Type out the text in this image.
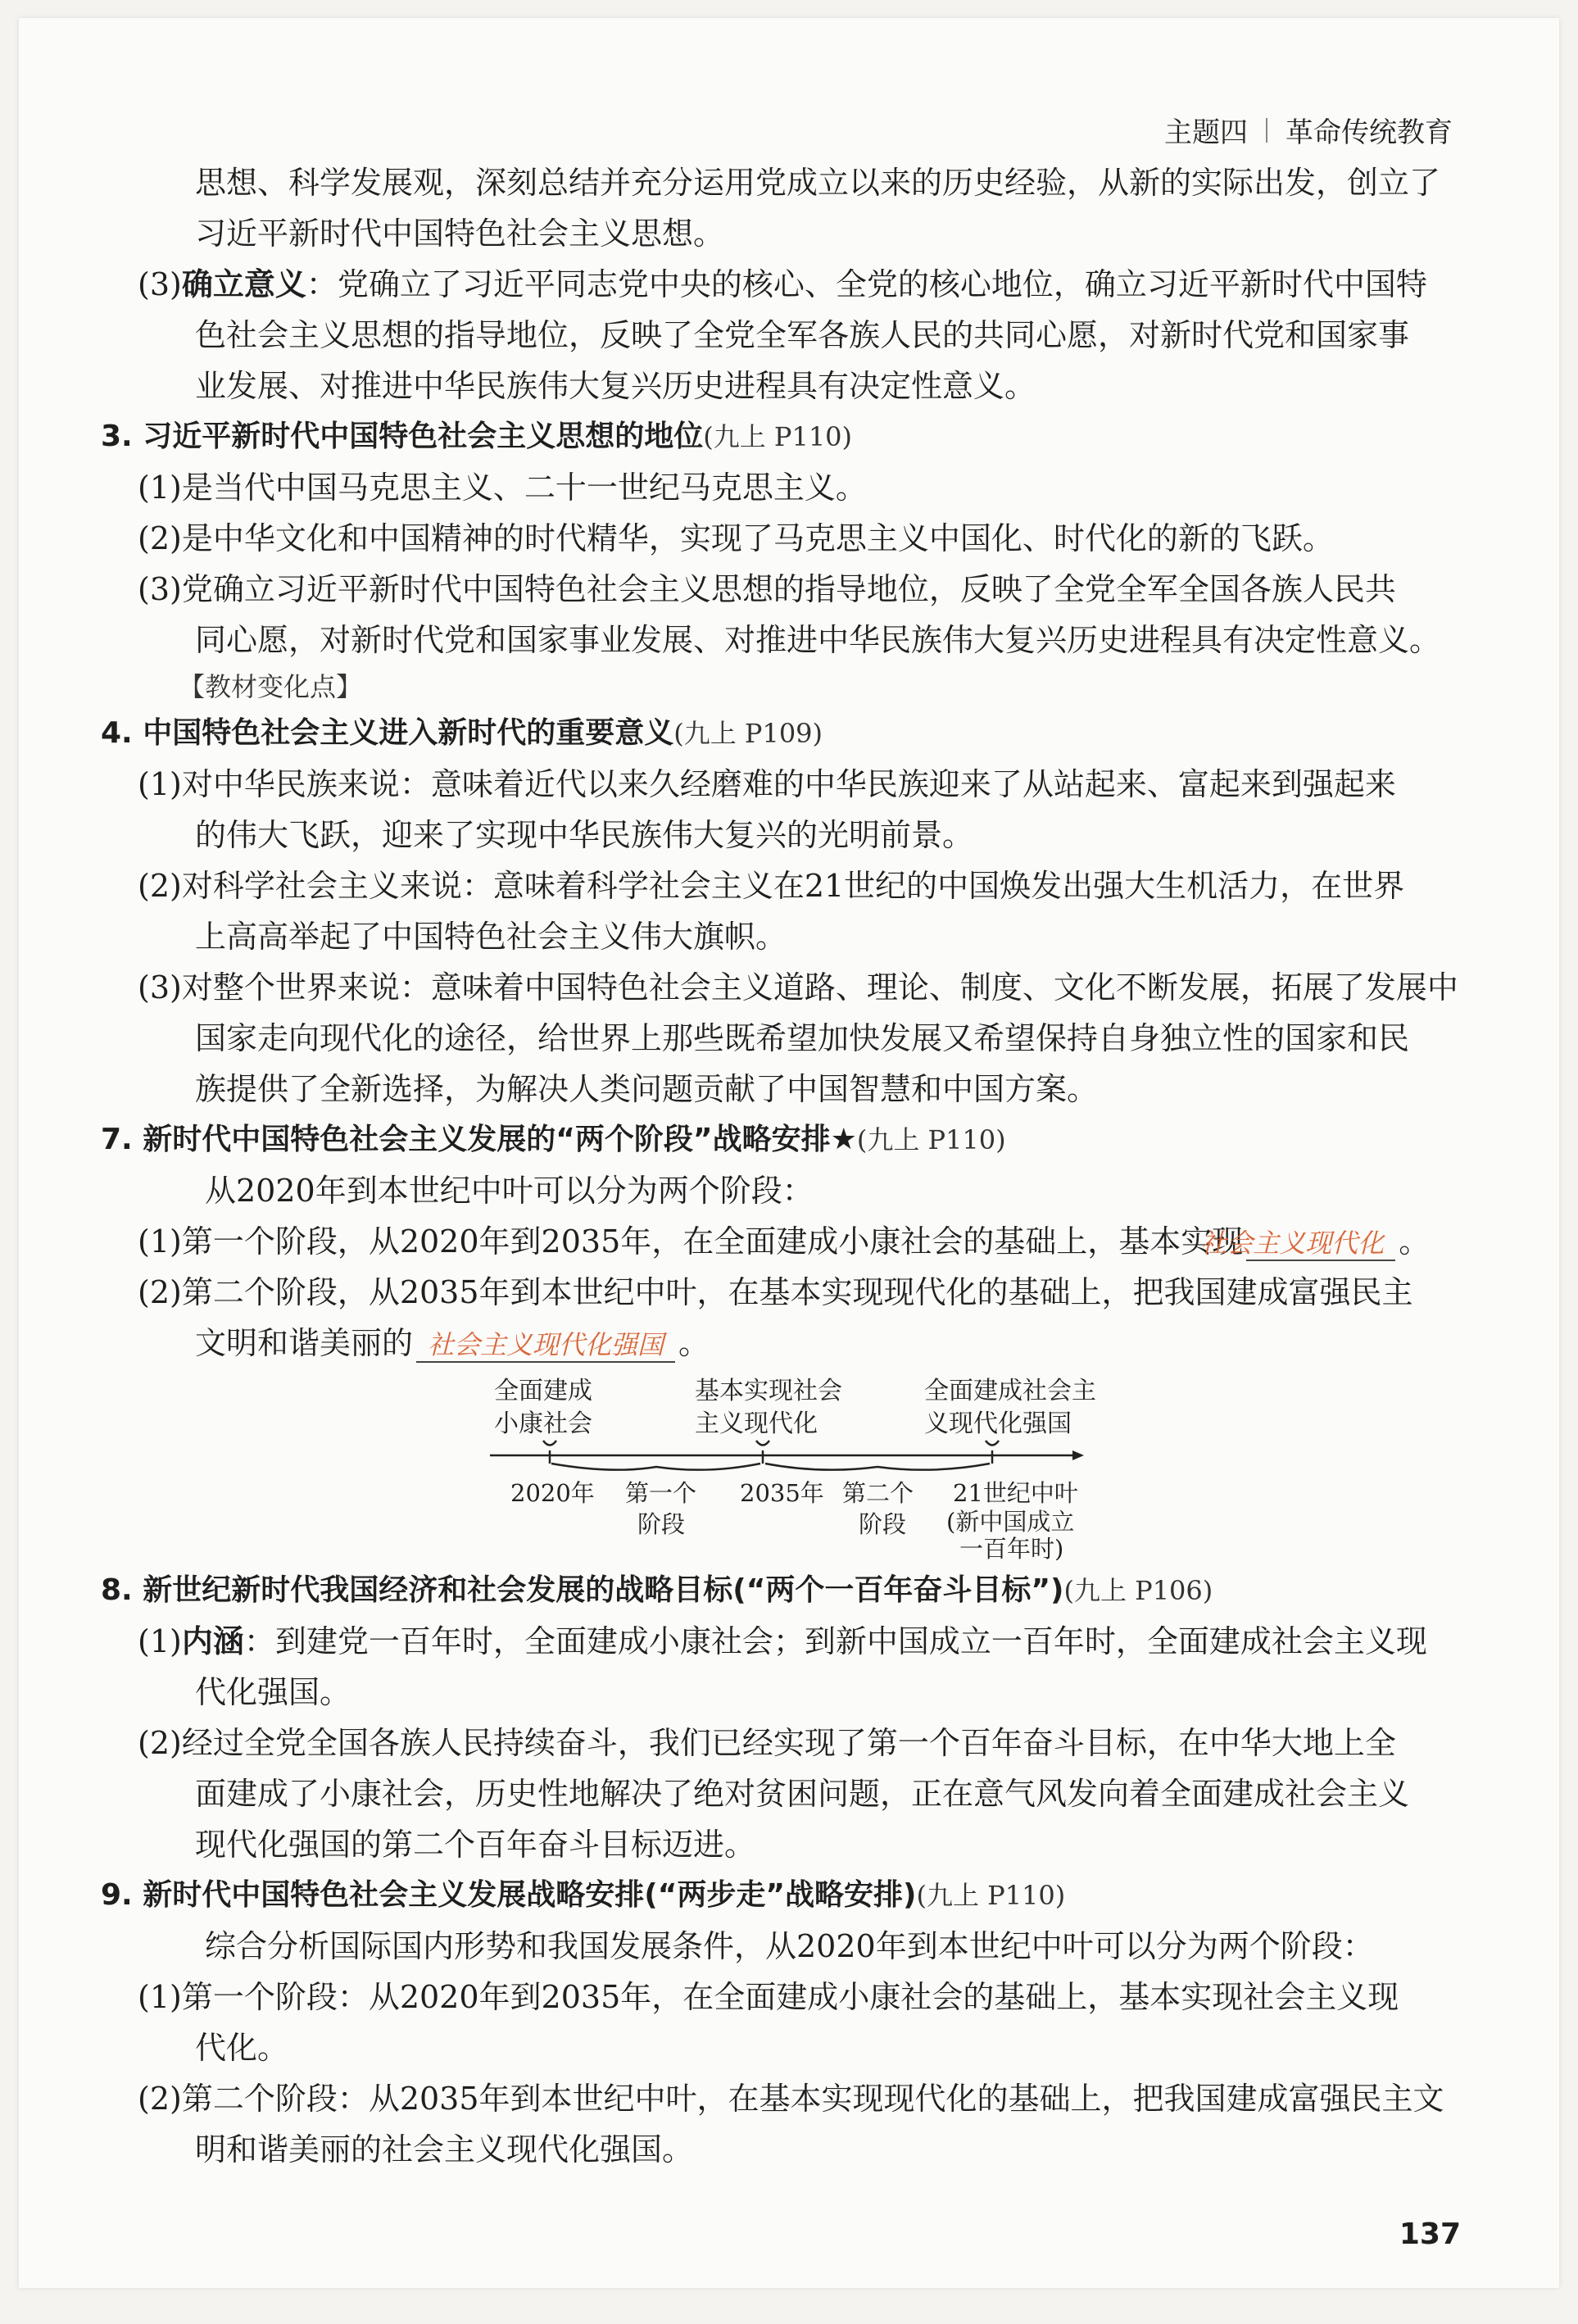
主题四 革命传统教育

思想、科学发展观，深刻总结并充分运用党成立以来的历史经验，从新的实际出发，创立了

习近平新时代中国特色社会主义思想。

(3)确立意义：党确立了习近平同志党中央的核心、全党的核心地位，确立习近平新时代中国特

色社会主义思想的指导地位，反映了全党全军各族人民的共同心愿，对新时代党和国家事

业发展、对推进中华民族伟大复兴历史进程具有决定性意义。

3. 习近平新时代中国特色社会主义思想的地位(九上 P110)

(1)是当代中国马克思主义、二十一世纪马克思主义。

(2)是中华文化和中国精神的时代精华，实现了马克思主义中国化、时代化的新的飞跃。

(3)党确立习近平新时代中国特色社会主义思想的指导地位，反映了全党全军全国各族人民共

同心愿，对新时代党和国家事业发展、对推进中华民族伟大复兴历史进程具有决定性意义。

【教材变化点】

4. 中国特色社会主义进入新时代的重要意义(九上 P109)

(1)对中华民族来说：意味着近代以来久经磨难的中华民族迎来了从站起来、富起来到强起来

的伟大飞跃，迎来了实现中华民族伟大复兴的光明前景。

(2)对科学社会主义来说：意味着科学社会主义在21世纪的中国焕发出强大生机活力，在世界

上高高举起了中国特色社会主义伟大旗帜。

(3)对整个世界来说：意味着中国特色社会主义道路、理论、制度、文化不断发展，拓展了发展中

国家走向现代化的途径，给世界上那些既希望加快发展又希望保持自身独立性的国家和民

族提供了全新选择，为解决人类问题贡献了中国智慧和中国方案。

7. 新时代中国特色社会主义发展的“两个阶段”战略安排★(九上 P110)

从2020年到本世纪中叶可以分为两个阶段：

(1)第一个阶段，从2020年到2035年，在全面建成小康社会的基础上，基本实现社会主义现代化 。

(2)第二个阶段，从2035年到本世纪中叶，在基本实现现代化的基础上，把我国建成富强民主

文明和谐美丽的 社会主义现代化强国 。

全面建成
小康社会
基本实现社会
主义现代化
全面建成社会主
义现代化强国
2020年 第一个
阶段
2035年 第二个
阶段
21世纪中叶
(新中国成立
一百年时)

8. 新世纪新时代我国经济和社会发展的战略目标(“两个一百年奋斗目标”)(九上 P106)

(1)内涵：到建党一百年时，全面建成小康社会；到新中国成立一百年时，全面建成社会主义现

代化强国。

(2)经过全党全国各族人民持续奋斗，我们已经实现了第一个百年奋斗目标，在中华大地上全

面建成了小康社会，历史性地解决了绝对贫困问题，正在意气风发向着全面建成社会主义

现代化强国的第二个百年奋斗目标迈进。

9. 新时代中国特色社会主义发展战略安排(“两步走”战略安排)(九上 P110)

综合分析国际国内形势和我国发展条件，从2020年到本世纪中叶可以分为两个阶段：

(1)第一个阶段：从2020年到2035年，在全面建成小康社会的基础上，基本实现社会主义现

代化。

(2)第二个阶段：从2035年到本世纪中叶，在基本实现现代化的基础上，把我国建成富强民主文

明和谐美丽的社会主义现代化强国。

137
